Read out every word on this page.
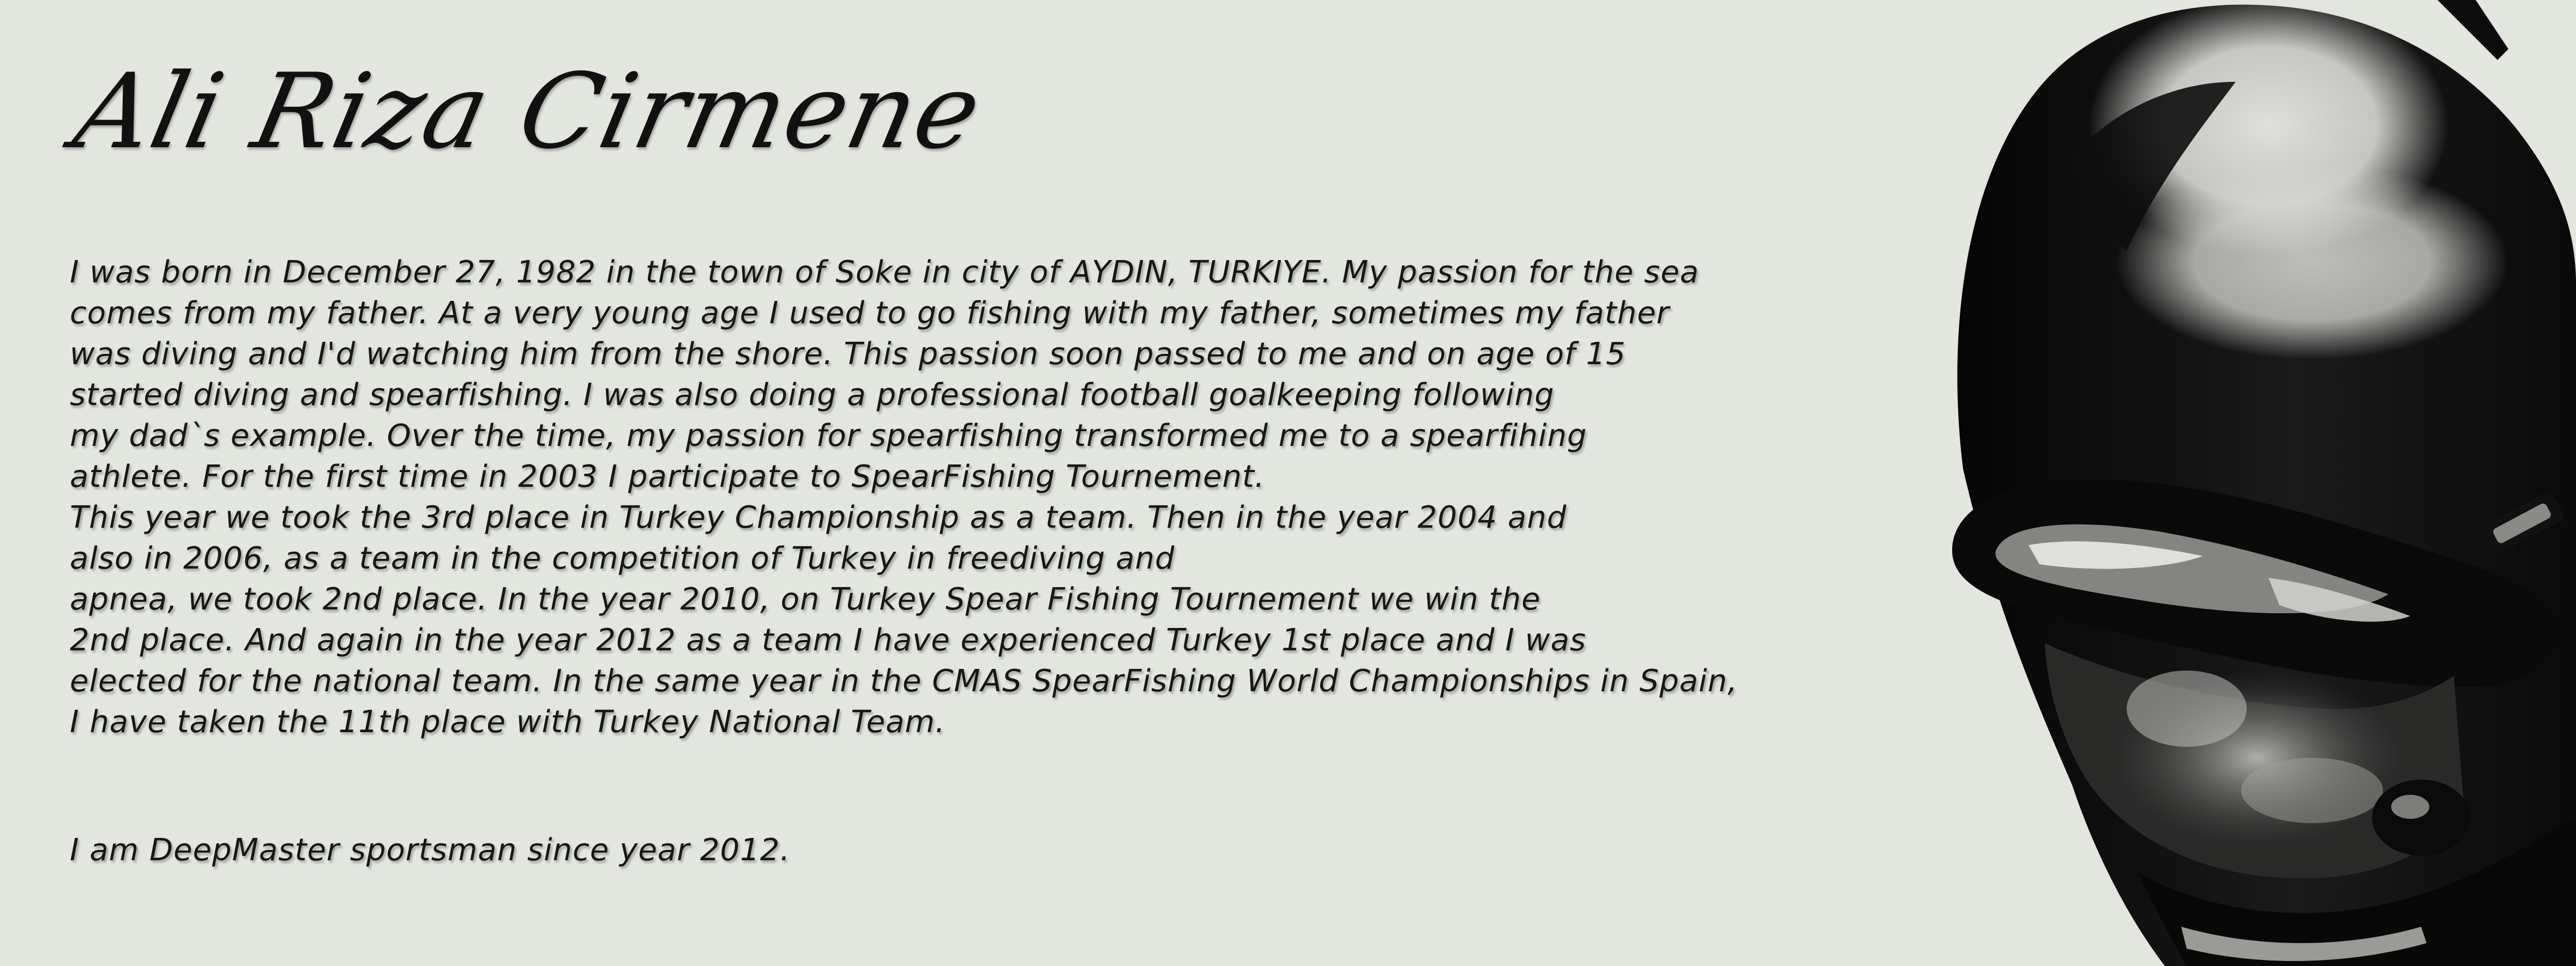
Ali Riza Cirmene
I was born in December 27, 1982 in the town of Soke in city of AYDIN, TURKIYE. My passion for the sea
comes from my father. At a very young age I used to go fishing with my father, sometimes my father
was diving and I'd watching him from the shore. This passion soon passed to me and on age of 15
started diving and spearfishing. I was also doing a professional football goalkeeping following
my dad`s example. Over the time, my passion for spearfishing transformed me to a spearfihing
athlete. For the first time in 2003 I participate to SpearFishing Tournement.
This year we took the 3rd place in Turkey Championship as a team. Then in the year 2004 and
also in 2006, as a team in the competition of Turkey in freediving and
apnea, we took 2nd place. In the year 2010, on Turkey Spear Fishing Tournement we win the
2nd place. And again in the year 2012 as a team I have experienced Turkey 1st place and I was
elected for the national team. In the same year in the CMAS SpearFishing World Championships in Spain,
I have taken the 11th place with Turkey National Team.
I am DeepMaster sportsman since year 2012.
